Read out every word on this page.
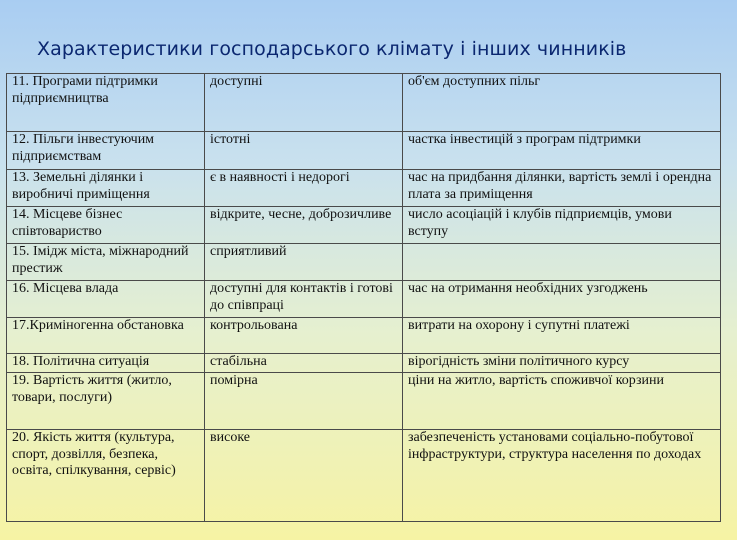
Характеристики господарського клімату і інших чинників
11. Програми підтримки підприємництва	доступні	об'єм доступних пільг
12. Пільги інвестуючим підприємствам	істотні	частка інвестицій з програм підтримки
13. Земельні ділянки і виробничі приміщення	є в наявності і недорогі	час на придбання ділянки, вартість землі і орендна плата за приміщення
14. Місцеве бізнес співтовариство	відкрите, чесне, доброзичливе	число асоціацій і клубів підприємців, умови вступу
15. Імідж міста, міжнародний престиж	сприятливий	
16. Місцева влада	доступні для контактів і готові до співпраці	час на отримання необхідних узгоджень
17.Криміногенна обстановка	контрольована	витрати на охорону і супутні платежі
18. Політична ситуація	стабільна	вірогідність зміни політичного курсу
19. Вартість життя (житло, товари, послуги)	помірна	ціни на житло, вартість споживчої корзини
20. Якість життя (культура, спорт, дозвілля, безпека, освіта, спілкування, сервіс)	високе	забезпеченість установами соціально-побутової інфраструктури, структура населення по доходах
